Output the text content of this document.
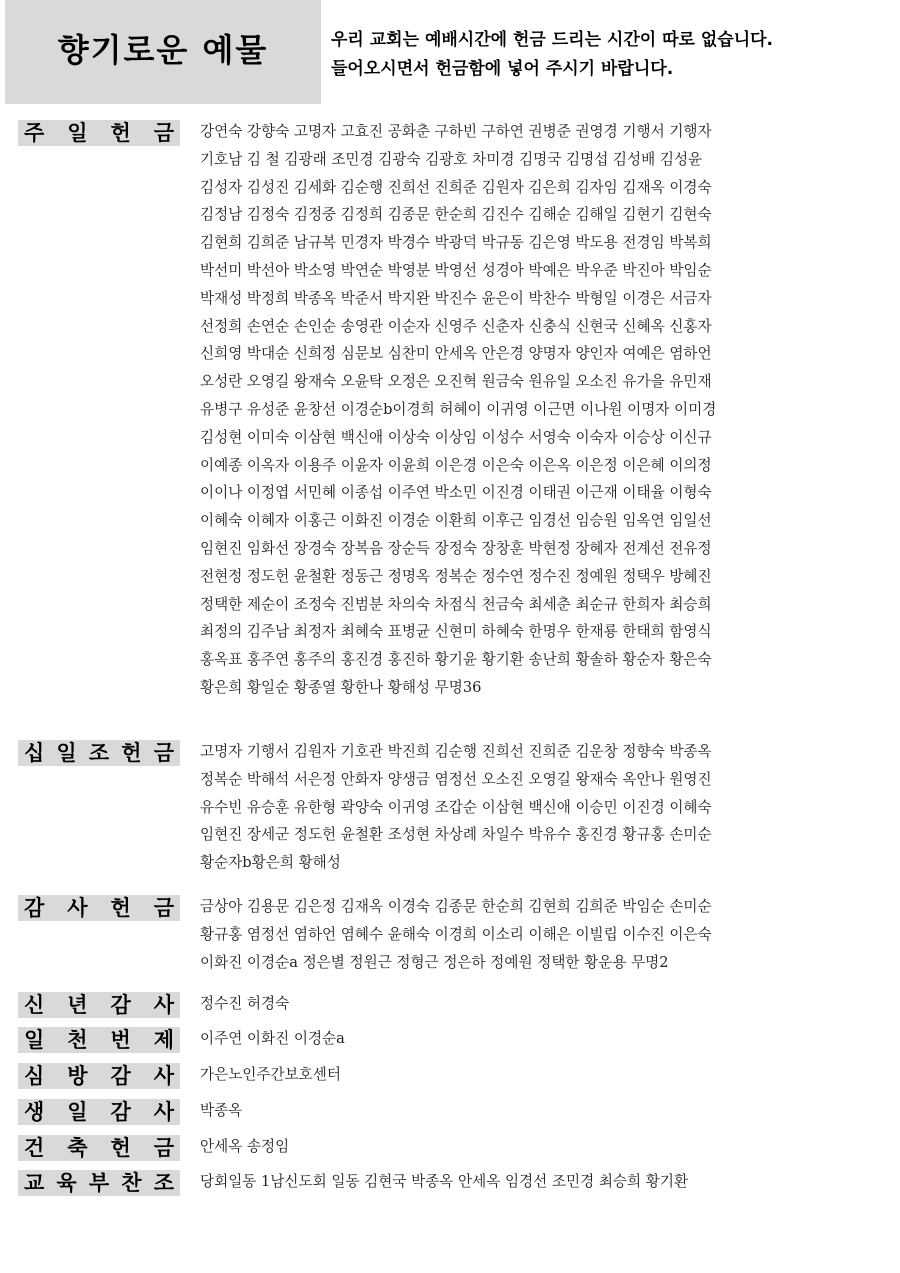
향기로운 예물	우리 교회는 예배시간에 헌금 드리는 시간이 따로 없습니다.
들어오시면서 헌금함에 넣어 주시기 바랍니다.
주 일 헌 금 강연숙 강향숙 고명자 고효진 공화춘 구하빈 구하연 권병준 권영경 기행서 기행자
기호남 김 철 김광래 조민경 김광숙 김광호 차미경 김명국 김명섭 김성배 김성윤
김성자 김성진 김세화 김순행 진희선 진희준 김원자 김은희 김자임 김재옥 이경숙
김정남 김정숙 김정중 김정희 김종문 한순희 김진수 김해순 김해일 김현기 김현숙
김현희 김희준 남규복 민경자 박경수 박광덕 박규동 김은영 박도용 전경임 박복희
박선미 박선아 박소영 박연순 박영분 박영선 성경아 박예은 박우준 박진아 박임순
박재성 박정희 박종옥 박준서 박지완 박진수 윤은이 박찬수 박형일 이경은 서금자
선정희 손연순 손인순 송영관 이순자 신영주 신춘자 신충식 신현국 신혜옥 신홍자
신희영 박대순 신희정 심문보 심찬미 안세옥 안은경 양명자 양인자 여예은 염하언
오성란 오영길 왕재숙 오윤탁 오정은 오진혁 원금숙 원유일 오소진 유가을 유민재
유병구 유성준 윤창선 이경순b이경희 허혜이 이귀영 이근면 이나원 이명자 이미경
김성현 이미숙 이삼현 백신애 이상숙 이상임 이성수 서영숙 이숙자 이승상 이신규
이예종 이옥자 이용주 이윤자 이윤희 이은경 이은숙 이은옥 이은정 이은혜 이의정
이이나 이정엽 서민혜 이종섭 이주연 박소민 이진경 이태권 이근재 이태율 이형숙
이혜숙 이혜자 이홍근 이화진 이경순 이환희 이후근 임경선 임승원 임옥연 임일선
임현진 임화선 장경숙 장복음 장순득 장정숙 장창훈 박현정 장혜자 전계선 전유정
전현정 정도헌 윤철환 정동근 정명옥 정복순 정수연 정수진 정예원 정택우 방혜진
정택한 제순이 조정숙 진범분 차의숙 차점식 천금숙 최세춘 최순규 한희자 최승희
최정의 김주남 최정자 최혜숙 표병균 신현미 하혜숙 한명우 한재룡 한태희 함영식
홍옥표 홍주연 홍주의 홍진경 홍진하 황기윤 황기환 송난희 황솔하 황순자 황은숙
황은희 황일순 황종열 황한나 황해성 무명36

십 일 조 헌 금 고명자 기행서 김원자 기호관 박진희 김순행 진희선 진희준 김운창 정향숙 박종옥
정복순 박해석 서은정 안화자 양생금 염정선 오소진 오영길 왕재숙 옥안나 원영진
유수빈 유승훈 유한형 곽양숙 이귀영 조갑순 이삼현 백신애 이승민 이진경 이혜숙
임현진 장세군 정도헌 윤철환 조성현 차상례 차일수 박유수 홍진경 황규홍 손미순
황순자b황은희 황해성

감 사 헌 금 금상아 김용문 김은정 김재옥 이경숙 김종문 한순희 김현희 김희준 박임순 손미순
황규홍 염정선 염하언 염혜수 윤해숙 이경희 이소리 이해은 이빌립 이수진 이은숙
이화진 이경순a 정은별 정원근 정형근 정은하 정예원 정택한 황운용 무명2

신 년 감 사 정수진 허경숙

일 천 번 제 이주연 이화진 이경순a

심 방 감 사 가은노인주간보호센터

생 일 감 사 박종옥

건 축 헌 금 안세옥 송정임

교 육 부 찬 조 당회일동 1남신도회 일동 김현국 박종옥 안세옥 임경선 조민경 최승희 황기환
